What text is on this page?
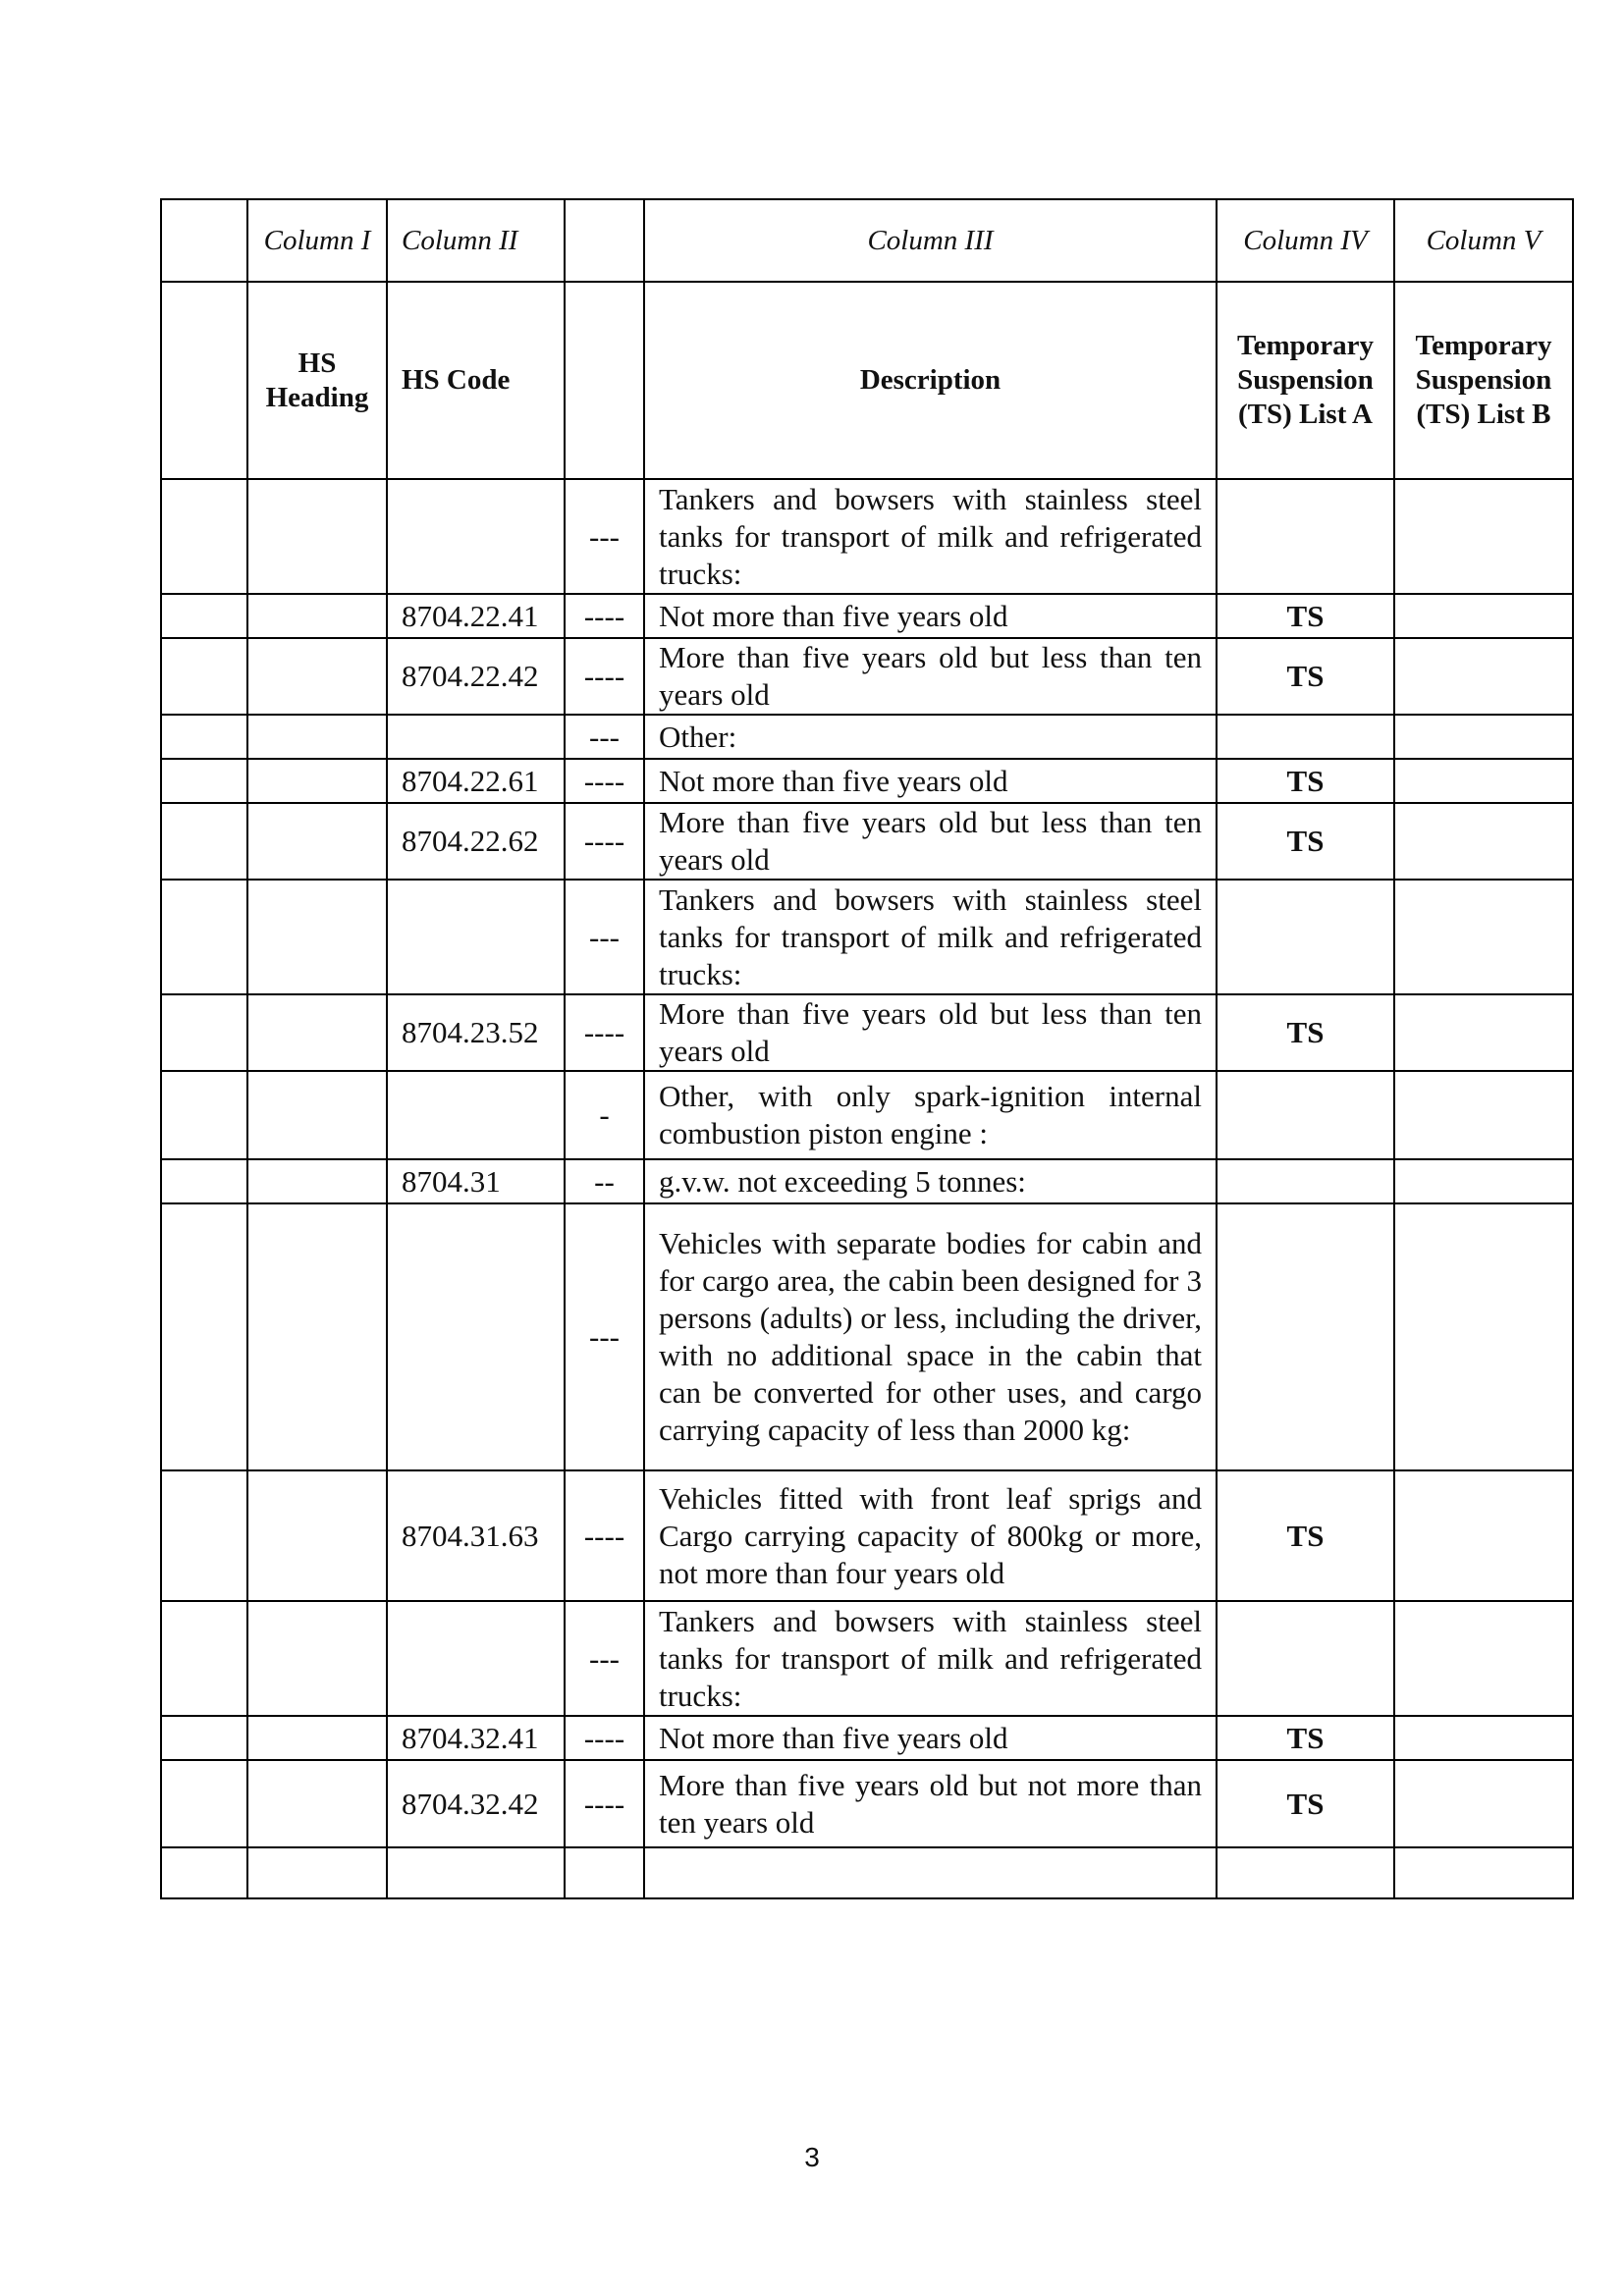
	Column I	Column II		Column III	Column IV	Column V
	HS Heading	HS Code		Description	Temporary Suspension (TS) List A	Temporary Suspension (TS) List B
			---	Tankers and bowsers with stainless steel tanks for transport of milk and refrigerated trucks:		
		8704.22.41	----	Not more than five years old	TS	
		8704.22.42	----	More than five years old but less than ten years old	TS	
			---	Other:		
		8704.22.61	----	Not more than five years old	TS	
		8704.22.62	----	More than five years old but less than ten years old	TS	
			---	Tankers and bowsers with stainless steel tanks for transport of milk and refrigerated trucks:		
		8704.23.52	----	More than five years old but less than ten years old	TS	
			-	Other, with only spark-ignition internal combustion piston engine :		
		8704.31	--	g.v.w. not exceeding 5 tonnes:		
			---	Vehicles with separate bodies for cabin and for cargo area, the cabin been designed for 3 persons (adults) or less, including the driver, with no additional space in the cabin that can be converted for other uses, and cargo carrying capacity of less than 2000 kg:		
		8704.31.63	----	Vehicles fitted with front leaf sprigs and Cargo carrying capacity of 800kg or more, not more than four years old	TS	
			---	Tankers and bowsers with stainless steel tanks for transport of milk and refrigerated trucks:		
		8704.32.41	----	Not more than five years old	TS	
		8704.32.42	----	More than five years old but not more than ten years old	TS	

3
